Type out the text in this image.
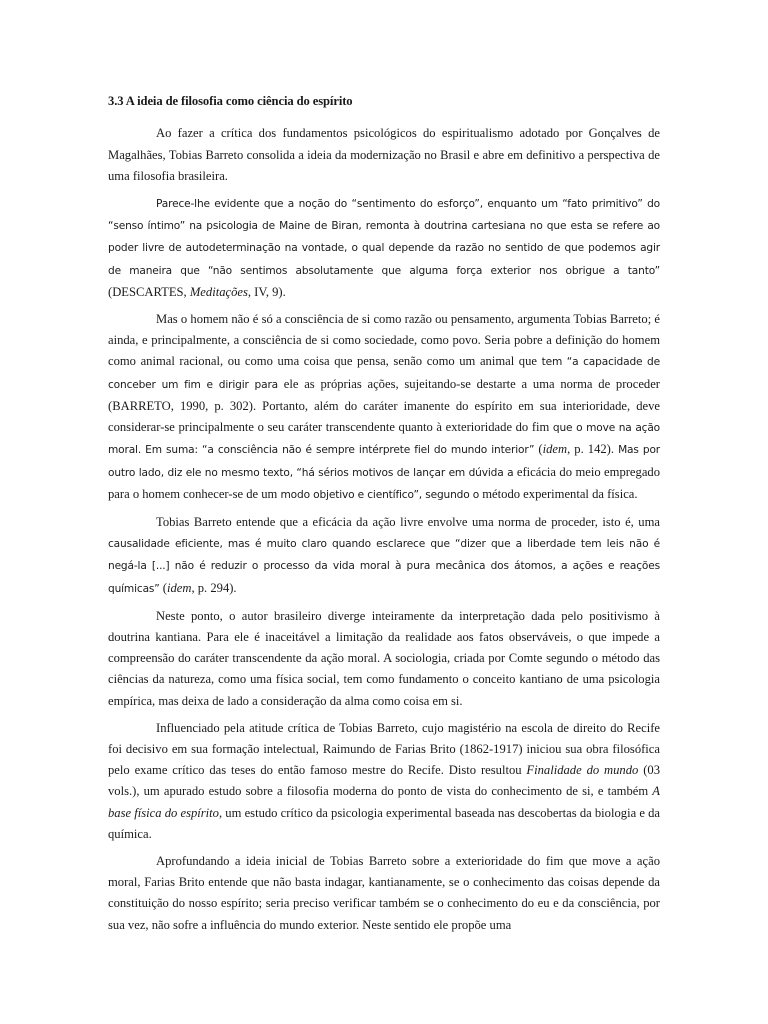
3.3 A ideia de filosofia como ciência do espírito

Ao fazer a crítica dos fundamentos psicológicos do espiritualismo adotado por Gonçalves de Magalhães, Tobias Barreto consolida a ideia da modernização no Brasil e abre em definitivo a perspectiva de uma filosofia brasileira.

Parece-lhe evidente que a noção do “sentimento do esforço”, enquanto um “fato primitivo” do “senso íntimo” na psicologia de Maine de Biran, remonta à doutrina cartesiana no que esta se refere ao poder livre de autodeterminação na vontade, o qual depende da razão no sentido de que podemos agir de maneira que “não sentimos absolutamente que alguma força exterior nos obrigue a tanto” (DESCARTES, Meditações, IV, 9).

Mas o homem não é só a consciência de si como razão ou pensamento, argumenta Tobias Barreto; é ainda, e principalmente, a consciência de si como sociedade, como povo. Seria pobre a definição do homem como animal racional, ou como uma coisa que pensa, senão como um animal que tem “a capacidade de conceber um fim e dirigir para ele as próprias ações, sujeitando-se destarte a uma norma de proceder (BARRETO, 1990, p. 302). Portanto, além do caráter imanente do espírito em sua interioridade, deve considerar-se principalmente o seu caráter transcendente quanto à exterioridade do fim que o move na ação moral. Em suma: “a consciência não é sempre intérprete fiel do mundo interior” (idem, p. 142). Mas por outro lado, diz ele no mesmo texto, “há sérios motivos de lançar em dúvida a eficácia do meio empregado para o homem conhecer-se de um modo objetivo e científico”, segundo o método experimental da física.

Tobias Barreto entende que a eficácia da ação livre envolve uma norma de proceder, isto é, uma causalidade eficiente, mas é muito claro quando esclarece que “dizer que a liberdade tem leis não é negá-la [...] não é reduzir o processo da vida moral à pura mecânica dos átomos, a ações e reações químicas” (idem, p. 294).

Neste ponto, o autor brasileiro diverge inteiramente da interpretação dada pelo positivismo à doutrina kantiana. Para ele é inaceitável a limitação da realidade aos fatos observáveis, o que impede a compreensão do caráter transcendente da ação moral. A sociologia, criada por Comte segundo o método das ciências da natureza, como uma física social, tem como fundamento o conceito kantiano de uma psicologia empírica, mas deixa de lado a consideração da alma como coisa em si.

Influenciado pela atitude crítica de Tobias Barreto, cujo magistério na escola de direito do Recife foi decisivo em sua formação intelectual, Raimundo de Farias Brito (1862-1917) iniciou sua obra filosófica pelo exame crítico das teses do então famoso mestre do Recife. Disto resultou Finalidade do mundo (03 vols.), um apurado estudo sobre a filosofia moderna do ponto de vista do conhecimento de si, e também A base física do espírito, um estudo crítico da psicologia experimental baseada nas descobertas da biologia e da química.

Aprofundando a ideia inicial de Tobias Barreto sobre a exterioridade do fim que move a ação moral, Farias Brito entende que não basta indagar, kantianamente, se o conhecimento das coisas depende da constituição do nosso espírito; seria preciso verificar também se o conhecimento do eu e da consciência, por sua vez, não sofre a influência do mundo exterior. Neste sentido ele propõe uma
